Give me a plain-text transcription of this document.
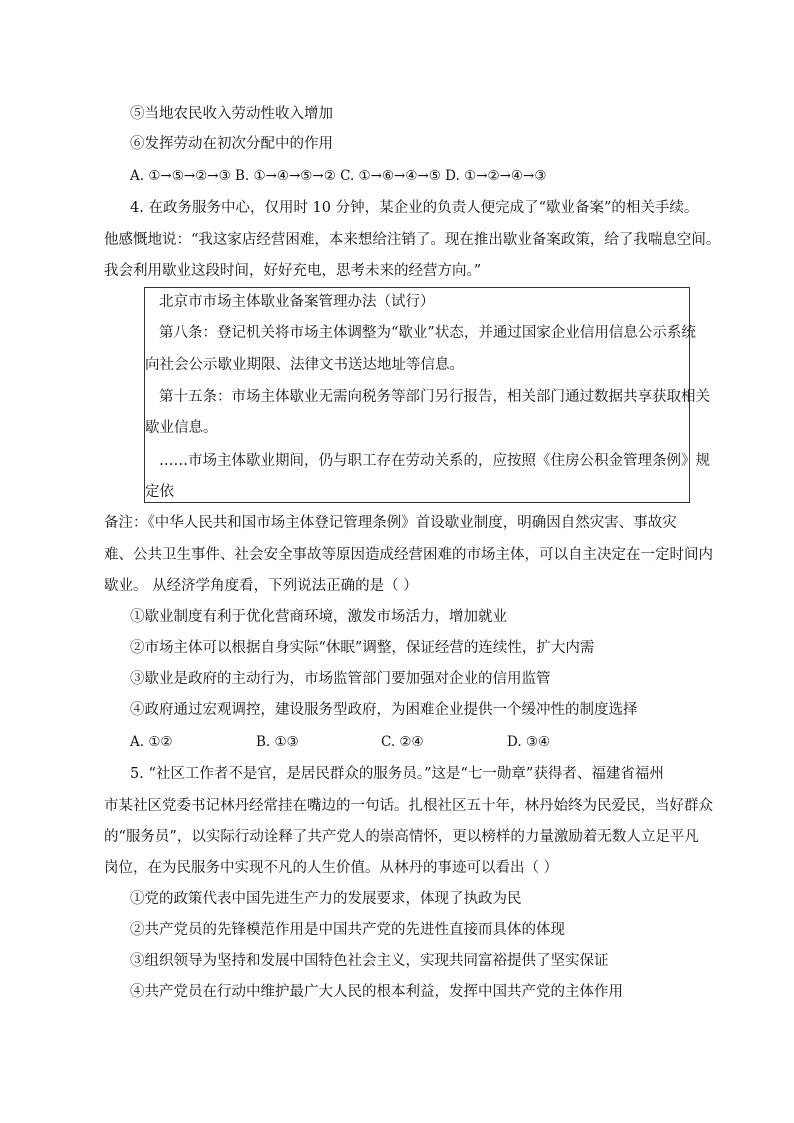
⑤当地农民收入劳动性收入增加
⑥发挥劳动在初次分配中的作用
A. ①→⑤→②→③ B. ①→④→⑤→② C. ①→⑥→④→⑤ D. ①→②→④→③
4. 在政务服务中心，仅用时 10 分钟，某企业的负责人便完成了“歇业备案”的相关手续。
他感慨地说：“我这家店经营困难，本来想给注销了。现在推出歇业备案政策，给了我喘息空间。
我会利用歇业这段时间，好好充电，思考未来的经营方向。”
北京市市场主体歇业备案管理办法（试行）
第八条：登记机关将市场主体调整为“歇业”状态，并通过国家企业信用信息公示系统
向社会公示歇业期限、法律文书送达地址等信息。
第十五条：市场主体歇业无需向税务等部门另行报告，相关部门通过数据共享获取相关
歇业信息。
……市场主体歇业期间，仍与职工存在劳动关系的，应按照《住房公积金管理条例》规
定依
备注：《中华人民共和国市场主体登记管理条例》首设歇业制度，明确因自然灾害、事故灾
难、公共卫生事件、社会安全事故等原因造成经营困难的市场主体，可以自主决定在一定时间内
歇业。 从经济学角度看，下列说法正确的是（ ）
①歇业制度有利于优化营商环境，激发市场活力，增加就业
②市场主体可以根据自身实际“休眠”调整，保证经营的连续性，扩大内需
③歇业是政府的主动行为，市场监管部门要加强对企业的信用监管
④政府通过宏观调控，建设服务型政府，为困难企业提供一个缓冲性的制度选择
A. ①②	B. ①③	C. ②④	D. ③④
5. “社区工作者不是官，是居民群众的服务员。”这是“七一勋章”获得者、福建省福州
市某社区党委书记林丹经常挂在嘴边的一句话。扎根社区五十年，林丹始终为民爱民，当好群众
的“服务员”，以实际行动诠释了共产党人的崇高情怀，更以榜样的力量激励着无数人立足平凡
岗位，在为民服务中实现不凡的人生价值。从林丹的事迹可以看出（ ）
①党的政策代表中国先进生产力的发展要求，体现了执政为民
②共产党员的先锋模范作用是中国共产党的先进性直接而具体的体现
③组织领导为坚持和发展中国特色社会主义，实现共同富裕提供了坚实保证
④共产党员在行动中维护最广大人民的根本利益，发挥中国共产党的主体作用
